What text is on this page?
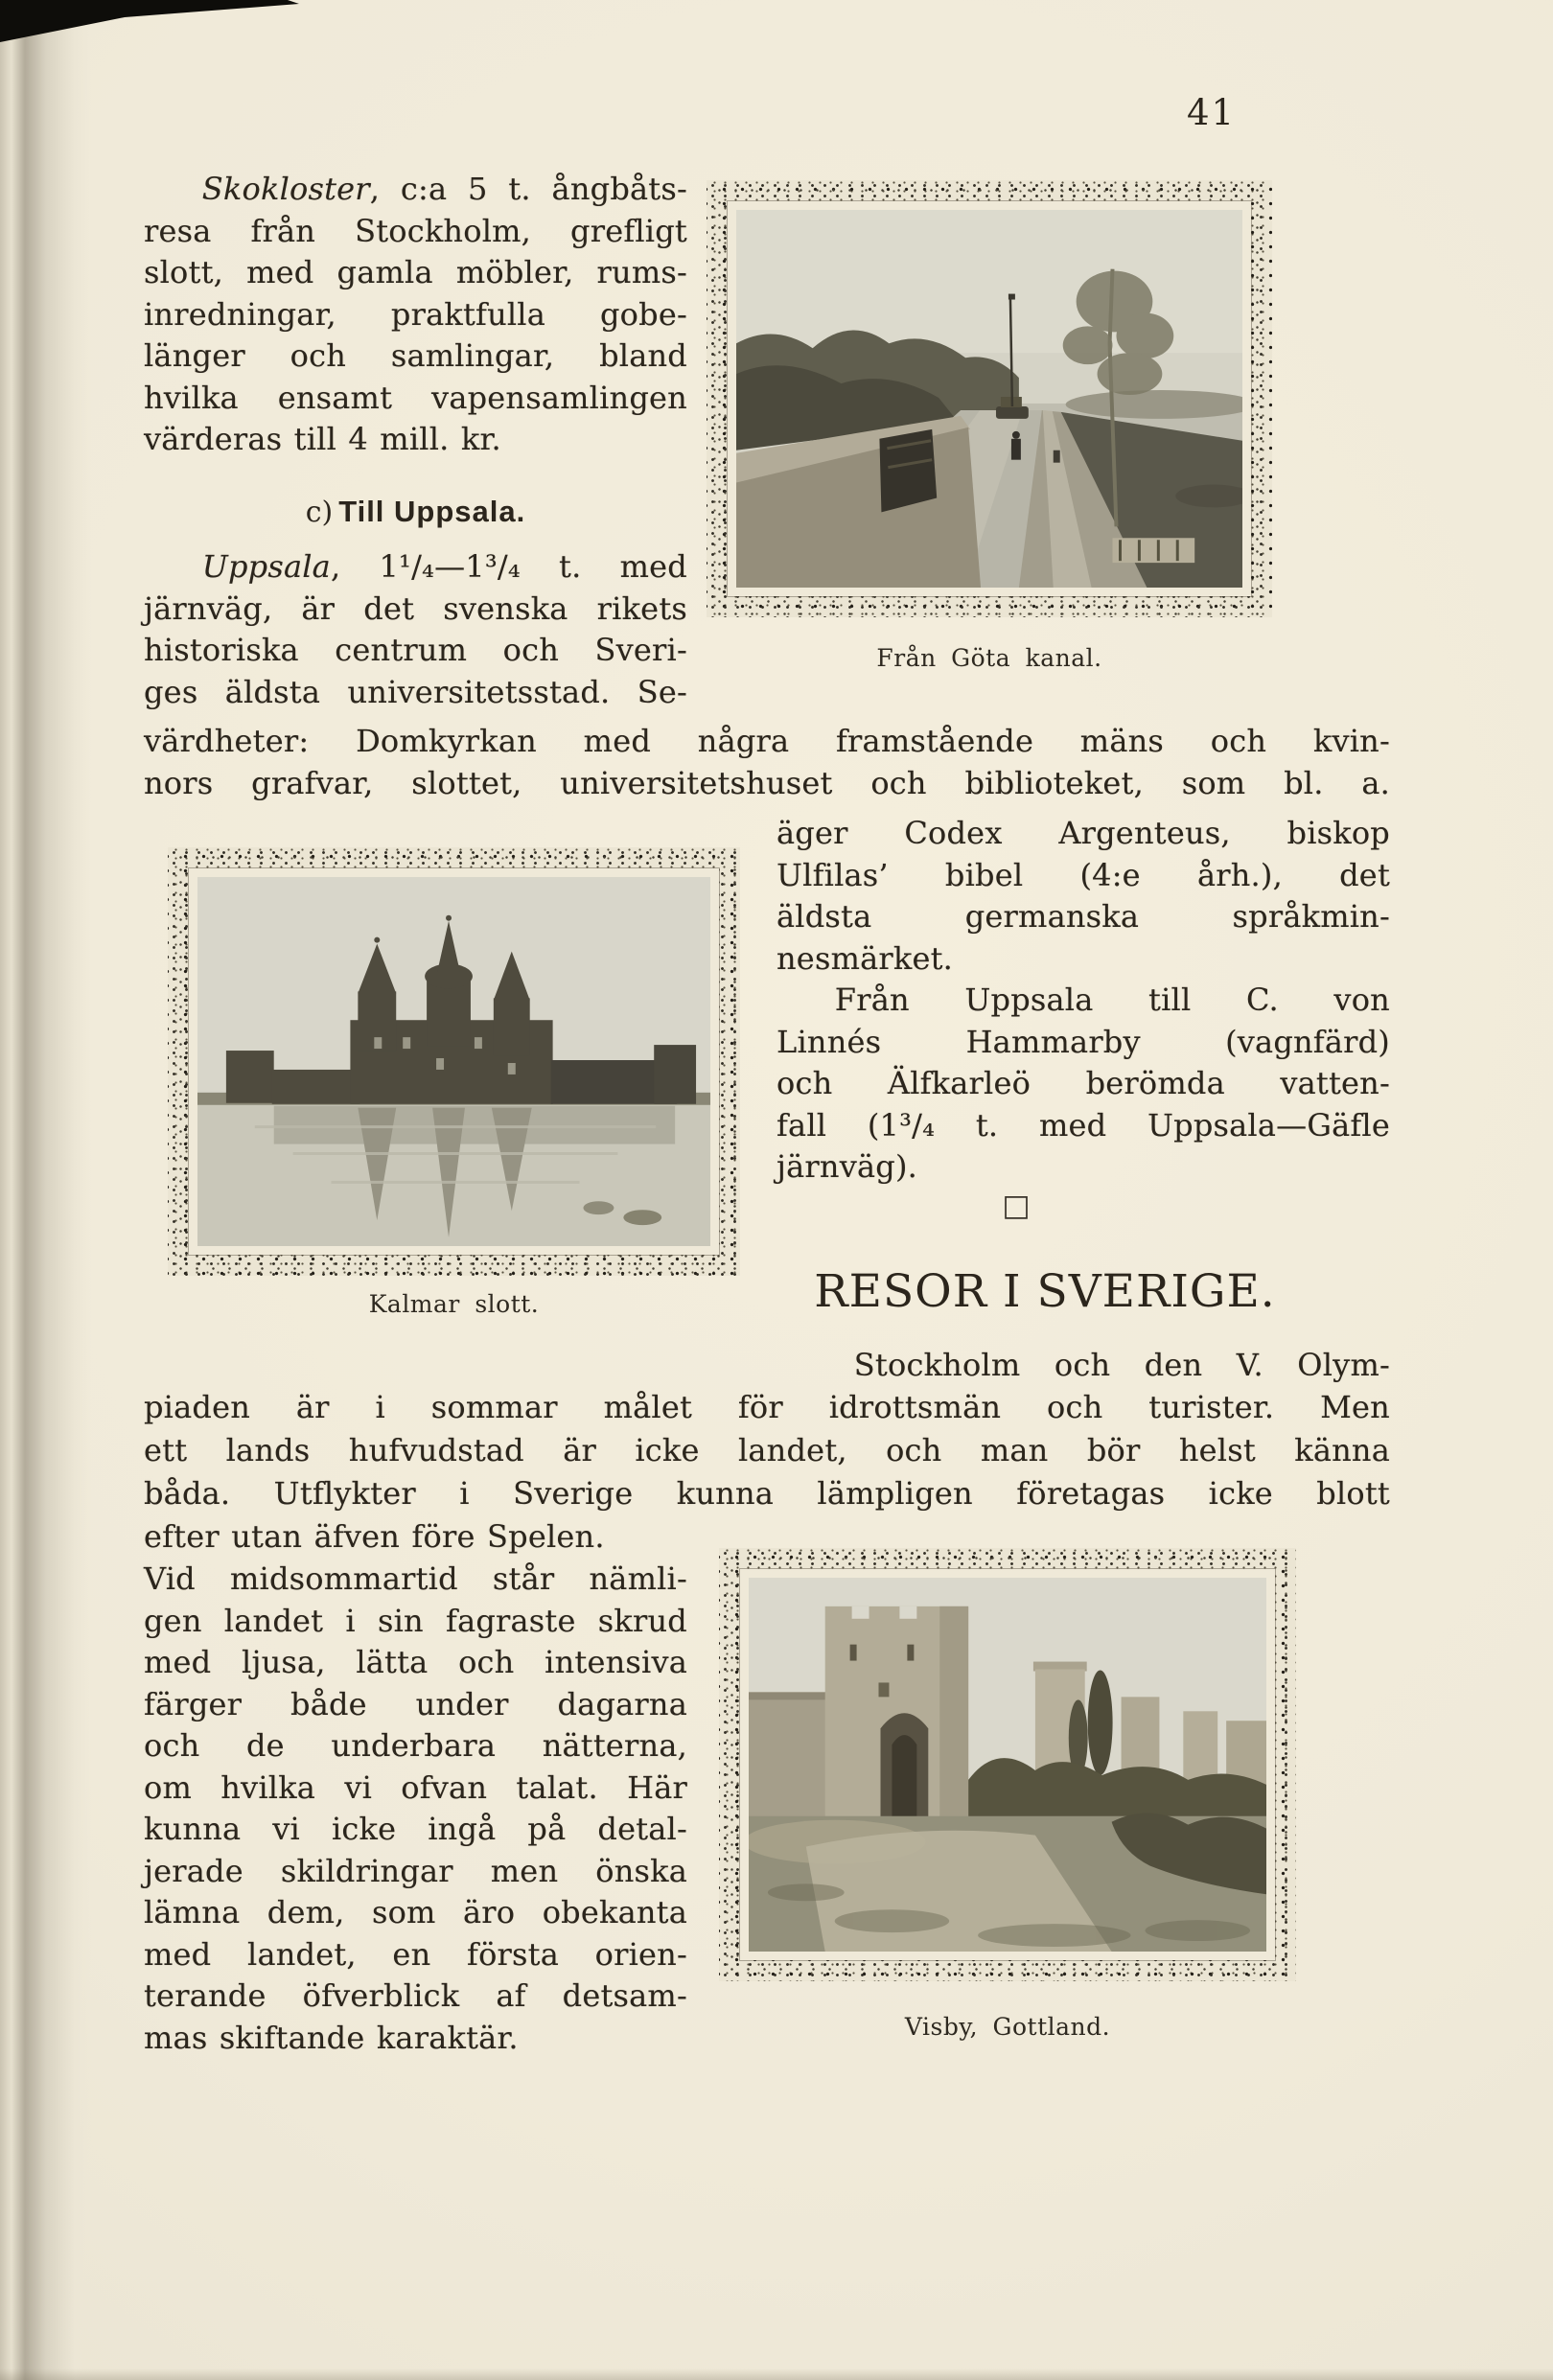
41
Skokloster, c:a 5 t. ångbåts-
resa från Stockholm, grefligt
slott, med gamla möbler, rums-
inredningar, praktfulla gobe-
länger och samlingar, bland
hvilka ensamt vapensamlingen
värderas till 4 mill. kr.
Från Göta kanal.
c) Till Uppsala.
Uppsala, 1¹/₄—1³/₄ t. med
järnväg, är det svenska rikets
historiska centrum och Sveri-
ges äldsta universitetsstad. Se-
värdheter: Domkyrkan med några framstående mäns och kvin-
nors grafvar, slottet, universitetshuset och biblioteket, som bl. a.
äger Codex Argenteus, biskop
Ulfilas’ bibel (4:e årh.), det
äldsta germanska språkmin-
nesmärket.
Från Uppsala till C. von
Linnés Hammarby (vagnfärd)
och Älfkarleö berömda vatten-
fall (1³/₄ t. med Uppsala—Gäfle
järnväg).
□
Kalmar slott.	RESOR I SVERIGE.
Stockholm och den V. Olym-
piaden är i sommar målet för idrottsmän och turister. Men
ett lands hufvudstad är icke landet, och man bör helst känna
båda. Utflykter i Sverige kunna lämpligen företagas icke blott
efter utan äfven före Spelen.
Vid midsommartid står nämli-
gen landet i sin fagraste skrud
med ljusa, lätta och intensiva
färger både under dagarna
och de underbara nätterna,
om hvilka vi ofvan talat. Här
kunna vi icke ingå på detal-
jerade skildringar men önska
lämna dem, som äro obekanta
med landet, en första orien-
terande öfverblick af detsam-
mas skiftande karaktär.	Visby, Gottland.
